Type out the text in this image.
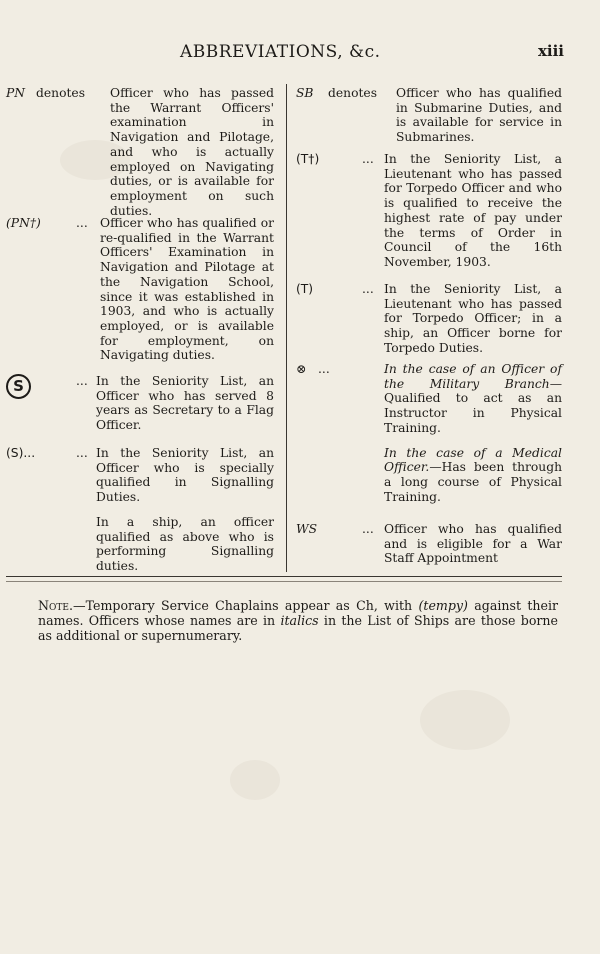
ABBREVIATIONS, &c.	xiii
PN denotes Officer who has passed the Warrant Officers' examination in Navigation and Pilotage, and who is actually employed on Navigating duties, or is available for employment on such duties.
(PN†)	... Officer who has qualified or re-qualified in the Warrant Officers' Examination in Navigation and Pilotage at the Navigation School, since it was established in 1903, and who is actually employed, or is available for employment, on Navigating duties.
S	... In the Seniority List, an Officer who has served 8 years as Secretary to a Flag Officer.
(S)...	... In the Seniority List, an Officer who is specially qualified in Signalling Duties.
In a ship, an officer qualified as above who is performing Signalling duties.
SB denotes Officer who has qualified in Submarine Duties, and is available for service in Submarines.
(T†)	... In the Seniority List, a Lieutenant who has passed for Torpedo Officer and who is qualified to receive the highest rate of pay under the terms of Order in Council of the 16th November, 1903.
(T)	... In the Seniority List, a Lieutenant who has passed for Torpedo Officer; in a ship, an Officer borne for Torpedo Duties.
⊗ ...	In the case of an Officer of the Military Branch— Qualified to act as an Instructor in Physical Training.
In the case of a Medical Officer.—Has been through a long course of Physical Training.
WS	... Officer who has qualified and is eligible for a War Staff Appointment
Note.—Temporary Service Chaplains appear as Ch, with (tempy) against their names. Officers whose names are in italics in the List of Ships are those borne as additional or supernumerary.
